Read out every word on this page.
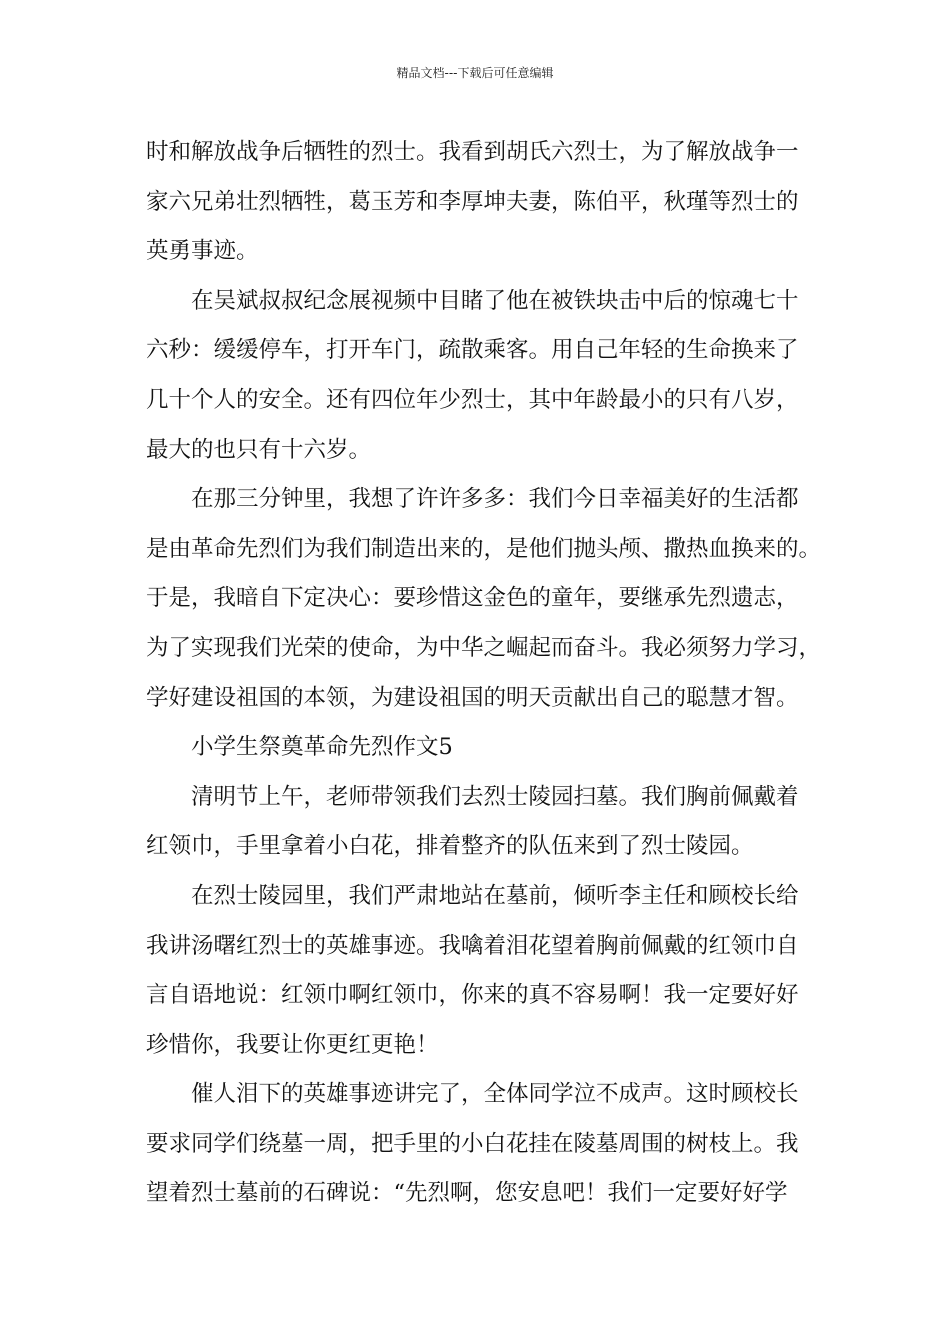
精品文档---下载后可任意编辑
时和解放战争后牺牲的烈士。我看到胡氏六烈士，为了解放战争一
家六兄弟壮烈牺牲，葛玉芳和李厚坤夫妻，陈伯平，秋瑾等烈士的
英勇事迹。
在吴斌叔叔纪念展视频中目睹了他在被铁块击中后的惊魂七十
六秒：缓缓停车，打开车门，疏散乘客。用自己年轻的生命换来了
几十个人的安全。还有四位年少烈士，其中年龄最小的只有八岁，
最大的也只有十六岁。
在那三分钟里，我想了许许多多：我们今日幸福美好的生活都
是由革命先烈们为我们制造出来的，是他们抛头颅、撒热血换来的。
于是，我暗自下定决心：要珍惜这金色的童年，要继承先烈遗志，
为了实现我们光荣的使命，为中华之崛起而奋斗。我必须努力学习，
学好建设祖国的本领，为建设祖国的明天贡献出自己的聪慧才智。
小学生祭奠革命先烈作文5
清明节上午，老师带领我们去烈士陵园扫墓。我们胸前佩戴着
红领巾，手里拿着小白花，排着整齐的队伍来到了烈士陵园。
在烈士陵园里，我们严肃地站在墓前，倾听李主任和顾校长给
我讲汤曙红烈士的英雄事迹。我噙着泪花望着胸前佩戴的红领巾自
言自语地说：红领巾啊红领巾，你来的真不容易啊！我一定要好好
珍惜你，我要让你更红更艳！
催人泪下的英雄事迹讲完了，全体同学泣不成声。这时顾校长
要求同学们绕墓一周，把手里的小白花挂在陵墓周围的树枝上。我
望着烈士墓前的石碑说：“先烈啊，您安息吧！我们一定要好好学
